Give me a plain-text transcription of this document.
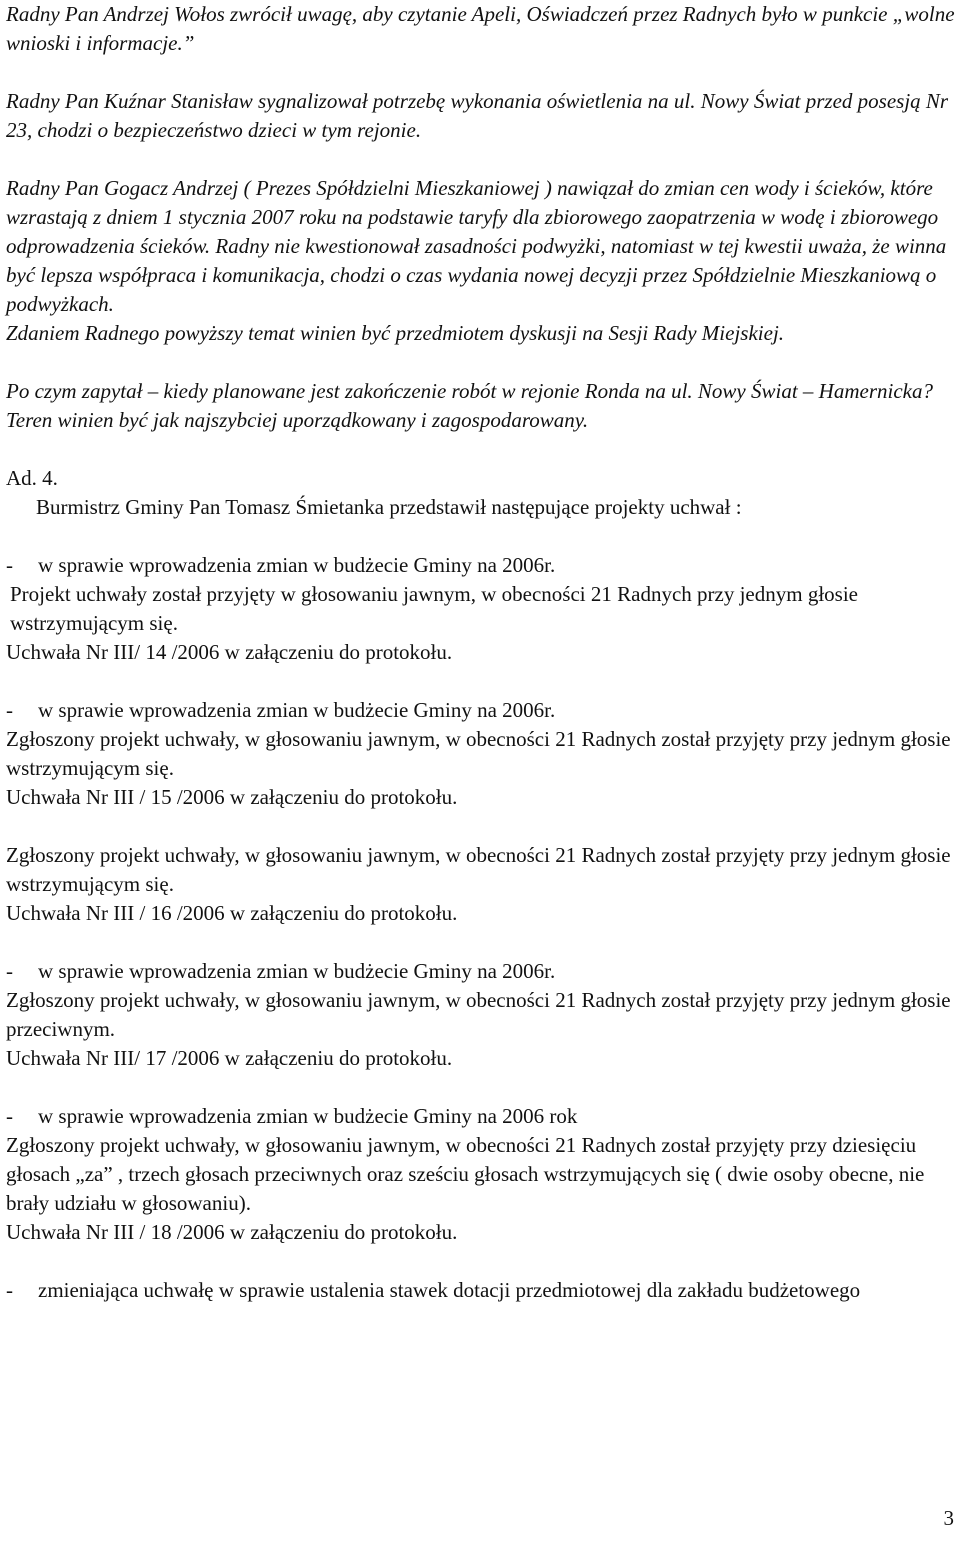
Radny Pan Andrzej Wołos zwrócił uwagę, aby czytanie Apeli, Oświadczeń przez Radnych było w punkcie „wolne wnioski i informacje.”

Radny Pan Kuźnar Stanisław sygnalizował potrzebę wykonania oświetlenia na ul. Nowy Świat przed posesją Nr 23, chodzi o bezpieczeństwo dzieci w tym rejonie.

Radny Pan Gogacz Andrzej ( Prezes Spółdzielni Mieszkaniowej ) nawiązał do zmian cen wody i ścieków, które wzrastają z dniem 1 stycznia 2007 roku na podstawie taryfy dla zbiorowego zaopatrzenia w wodę i zbiorowego odprowadzenia ścieków. Radny nie kwestionował zasadności podwyżki, natomiast w tej kwestii uważa, że winna być lepsza współpraca i komunikacja, chodzi o czas wydania nowej decyzji przez Spółdzielnie Mieszkaniową o podwyżkach.

Zdaniem Radnego powyższy temat winien być przedmiotem dyskusji na Sesji Rady Miejskiej.

Po czym zapytał – kiedy planowane jest zakończenie robót w rejonie Ronda na ul. Nowy Świat – Hamernicka?

Teren winien być jak najszybciej uporządkowany i zagospodarowany.

Ad. 4.

Burmistrz Gminy Pan Tomasz Śmietanka przedstawił następujące projekty uchwał :

-	w sprawie wprowadzenia zmian w budżecie Gminy na 2006r.

Projekt uchwały został przyjęty w głosowaniu jawnym, w obecności 21 Radnych przy jednym głosie wstrzymującym się.

Uchwała Nr III/ 14 /2006 w załączeniu do protokołu.

-	w sprawie wprowadzenia zmian w budżecie Gminy na 2006r.

Zgłoszony projekt uchwały, w głosowaniu jawnym, w obecności 21 Radnych został przyjęty przy jednym głosie wstrzymującym się.

Uchwała Nr III / 15 /2006 w załączeniu do protokołu.

Zgłoszony projekt uchwały, w głosowaniu jawnym, w obecności 21 Radnych został przyjęty przy jednym głosie wstrzymującym się.

Uchwała Nr III / 16 /2006 w załączeniu do protokołu.

-	w sprawie wprowadzenia zmian w budżecie Gminy na 2006r.

Zgłoszony projekt uchwały, w głosowaniu jawnym, w obecności 21 Radnych został przyjęty przy jednym głosie przeciwnym.

Uchwała Nr III/ 17 /2006 w załączeniu do protokołu.

-	w sprawie wprowadzenia zmian w budżecie Gminy na 2006 rok

Zgłoszony projekt uchwały, w głosowaniu jawnym, w obecności 21 Radnych został przyjęty przy dziesięciu głosach „za” , trzech głosach przeciwnych oraz sześciu głosach wstrzymujących się ( dwie osoby obecne, nie brały udziału w głosowaniu).

Uchwała Nr III / 18 /2006 w załączeniu do protokołu.

-	zmieniająca uchwałę w sprawie ustalenia stawek dotacji przedmiotowej dla zakładu budżetowego
3
